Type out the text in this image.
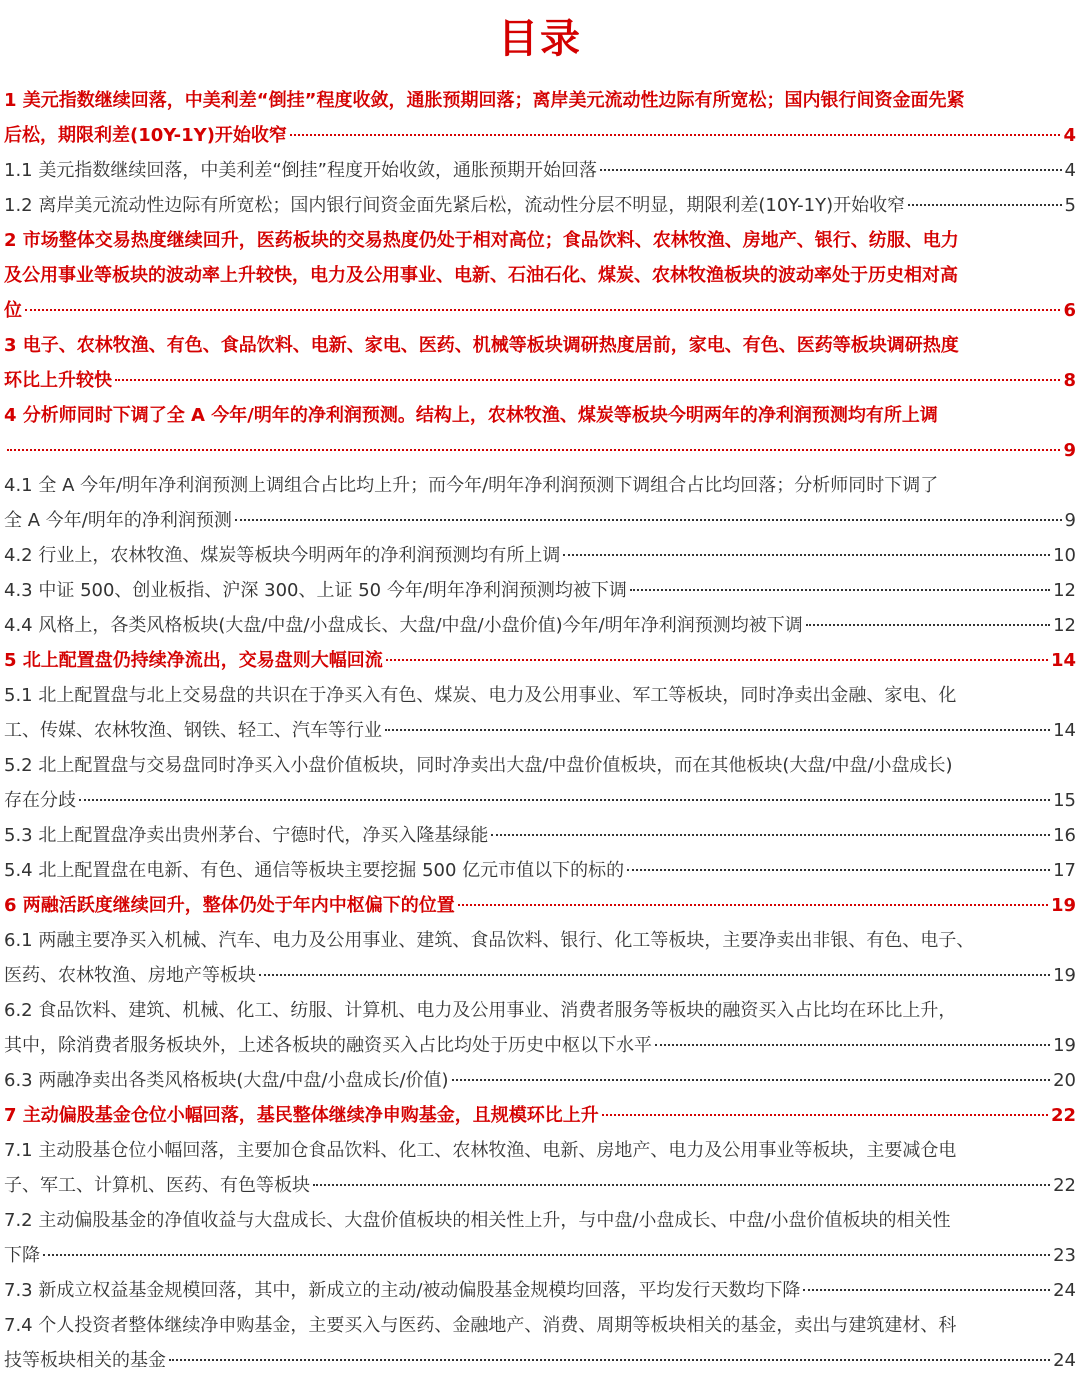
目录
1 美元指数继续回落，中美利差“倒挂”程度收敛，通胀预期回落；离岸美元流动性边际有所宽松；国内银行间资金面先紧
后松，期限利差(10Y-1Y)开始收窄	4
1.1 美元指数继续回落，中美利差“倒挂”程度开始收敛，通胀预期开始回落	4
1.2 离岸美元流动性边际有所宽松；国内银行间资金面先紧后松，流动性分层不明显，期限利差(10Y-1Y)开始收窄	5
2 市场整体交易热度继续回升，医药板块的交易热度仍处于相对高位；食品饮料、农林牧渔、房地产、银行、纺服、电力
及公用事业等板块的波动率上升较快，电力及公用事业、电新、石油石化、煤炭、农林牧渔板块的波动率处于历史相对高
位	6
3 电子、农林牧渔、有色、食品饮料、电新、家电、医药、机械等板块调研热度居前，家电、有色、医药等板块调研热度
环比上升较快	8
4 分析师同时下调了全 A 今年/明年的净利润预测。结构上，农林牧渔、煤炭等板块今明两年的净利润预测均有所上调
9
4.1 全 A 今年/明年净利润预测上调组合占比均上升；而今年/明年净利润预测下调组合占比均回落；分析师同时下调了
全 A 今年/明年的净利润预测	9
4.2 行业上，农林牧渔、煤炭等板块今明两年的净利润预测均有所上调	10
4.3 中证 500、创业板指、沪深 300、上证 50 今年/明年净利润预测均被下调	12
4.4 风格上，各类风格板块(大盘/中盘/小盘成长、大盘/中盘/小盘价值)今年/明年净利润预测均被下调	12
5 北上配置盘仍持续净流出，交易盘则大幅回流	14
5.1 北上配置盘与北上交易盘的共识在于净买入有色、煤炭、电力及公用事业、军工等板块，同时净卖出金融、家电、化
工、传媒、农林牧渔、钢铁、轻工、汽车等行业	14
5.2 北上配置盘与交易盘同时净买入小盘价值板块，同时净卖出大盘/中盘价值板块，而在其他板块(大盘/中盘/小盘成长)
存在分歧	15
5.3 北上配置盘净卖出贵州茅台、宁德时代，净买入隆基绿能	16
5.4 北上配置盘在电新、有色、通信等板块主要挖掘 500 亿元市值以下的标的	17
6 两融活跃度继续回升，整体仍处于年内中枢偏下的位置	19
6.1 两融主要净买入机械、汽车、电力及公用事业、建筑、食品饮料、银行、化工等板块，主要净卖出非银、有色、电子、
医药、农林牧渔、房地产等板块	19
6.2 食品饮料、建筑、机械、化工、纺服、计算机、电力及公用事业、消费者服务等板块的融资买入占比均在环比上升，
其中，除消费者服务板块外，上述各板块的融资买入占比均处于历史中枢以下水平	19
6.3 两融净卖出各类风格板块(大盘/中盘/小盘成长/价值)	20
7 主动偏股基金仓位小幅回落，基民整体继续净申购基金，且规模环比上升	22
7.1 主动股基仓位小幅回落，主要加仓食品饮料、化工、农林牧渔、电新、房地产、电力及公用事业等板块，主要减仓电
子、军工、计算机、医药、有色等板块	22
7.2 主动偏股基金的净值收益与大盘成长、大盘价值板块的相关性上升，与中盘/小盘成长、中盘/小盘价值板块的相关性
下降	23
7.3 新成立权益基金规模回落，其中，新成立的主动/被动偏股基金规模均回落，平均发行天数均下降	24
7.4 个人投资者整体继续净申购基金，主要买入与医药、金融地产、消费、周期等板块相关的基金，卖出与建筑建材、科
技等板块相关的基金	24
